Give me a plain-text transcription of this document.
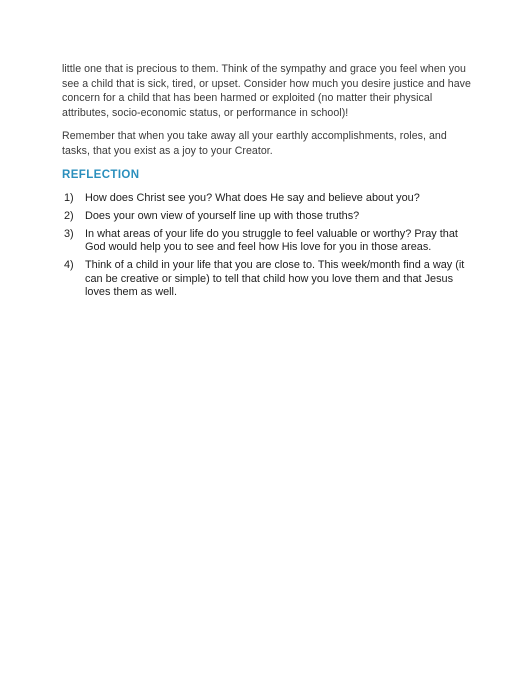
little one that is precious to them. Think of the sympathy and grace you feel when you see a child that is sick, tired, or upset. Consider how much you desire justice and have concern for a child that has been harmed or exploited (no matter their physical attributes, socio-economic status, or performance in school)!

Remember that when you take away all your earthly accomplishments, roles, and tasks, that you exist as a joy to your Creator.

REFLECTION
1) How does Christ see you? What does He say and believe about you?
2) Does your own view of yourself line up with those truths?
3) In what areas of your life do you struggle to feel valuable or worthy? Pray that God would help you to see and feel how His love for you in those areas.
4) Think of a child in your life that you are close to. This week/month find a way (it can be creative or simple) to tell that child how you love them and that Jesus loves them as well.
